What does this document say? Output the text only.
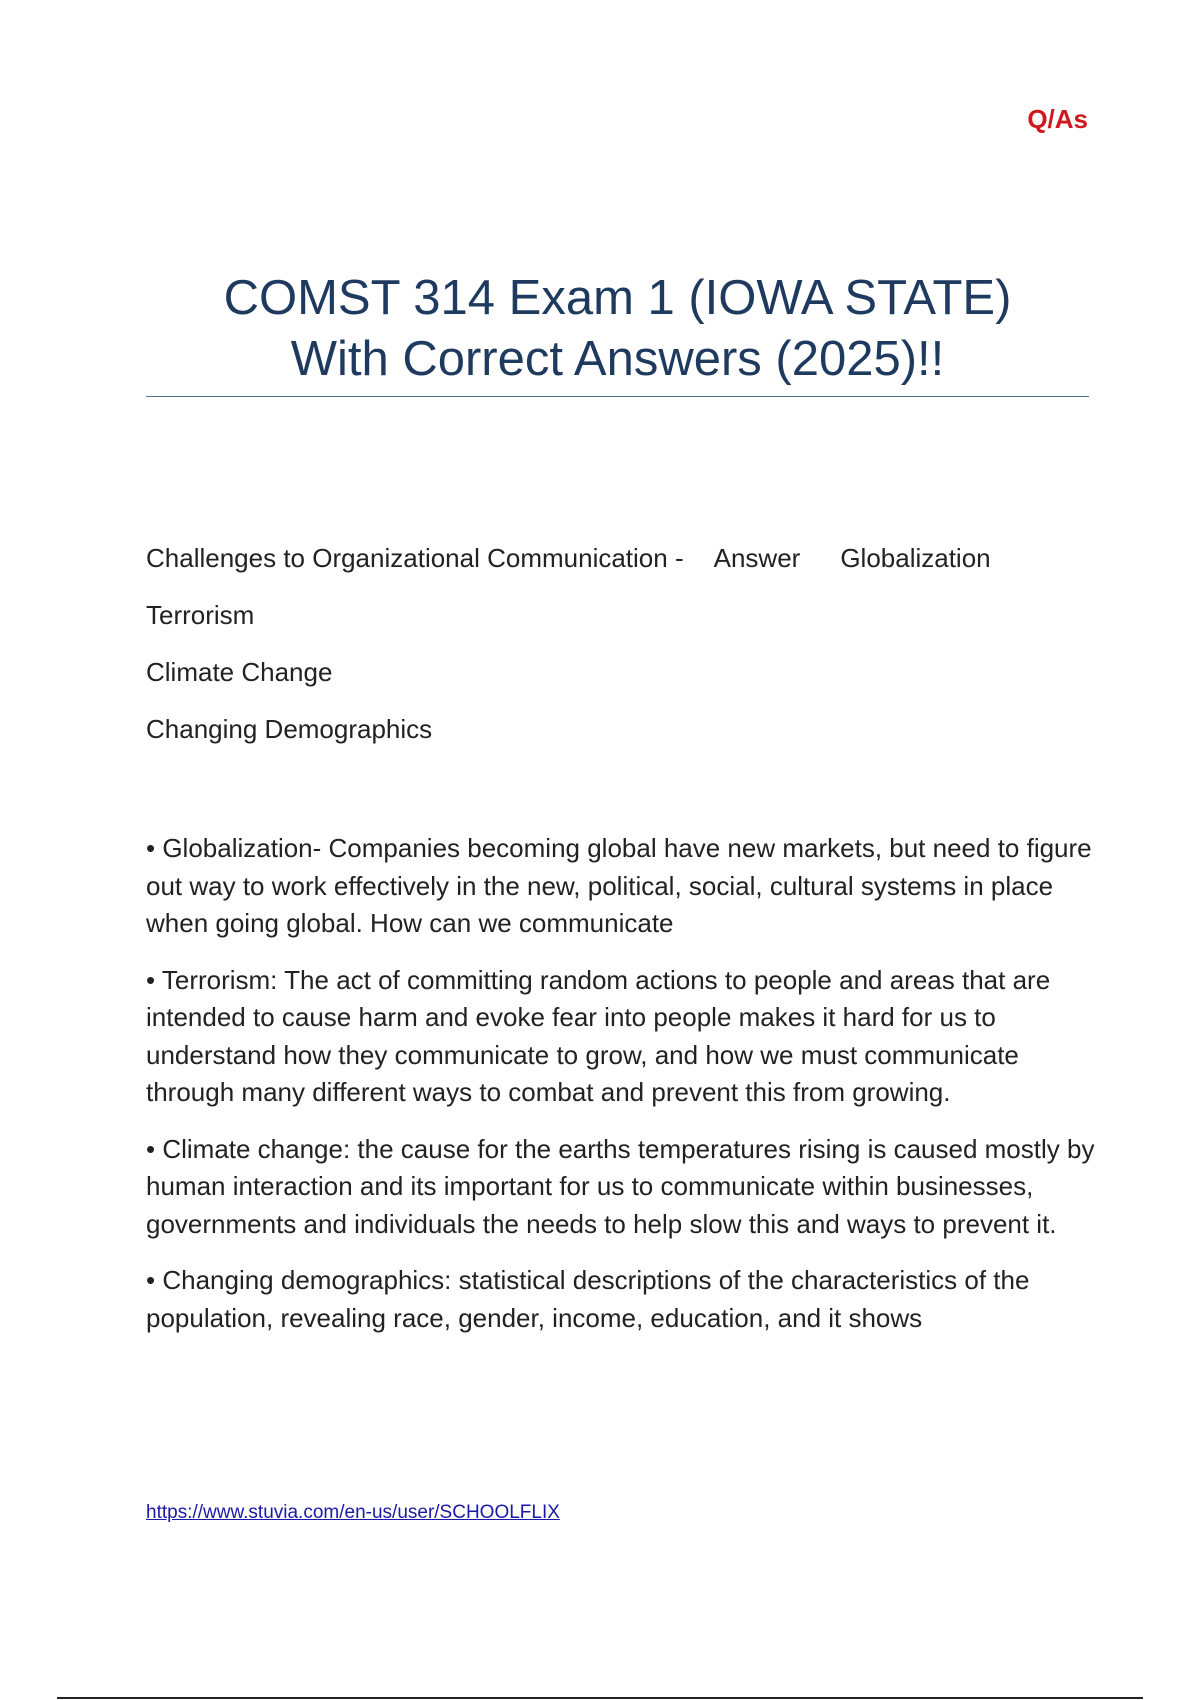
Q/As
COMST 314 Exam 1 (IOWA STATE)
With Correct Answers (2025)!!
Challenges to Organizational Communication - Answer Globalization
Terrorism
Climate Change
Changing Demographics

• Globalization- Companies becoming global have new markets, but need to figure out way to work effectively in the new, political, social, cultural systems in place when going global. How can we communicate

• Terrorism: The act of committing random actions to people and areas that are intended to cause harm and evoke fear into people makes it hard for us to understand how they communicate to grow, and how we must communicate through many different ways to combat and prevent this from growing.

• Climate change: the cause for the earths temperatures rising is caused mostly by human interaction and its important for us to communicate within businesses, governments and individuals the needs to help slow this and ways to prevent it.

• Changing demographics: statistical descriptions of the characteristics of the population, revealing race, gender, income, education, and it shows

https://www.stuvia.com/en-us/user/SCHOOLFLIX
